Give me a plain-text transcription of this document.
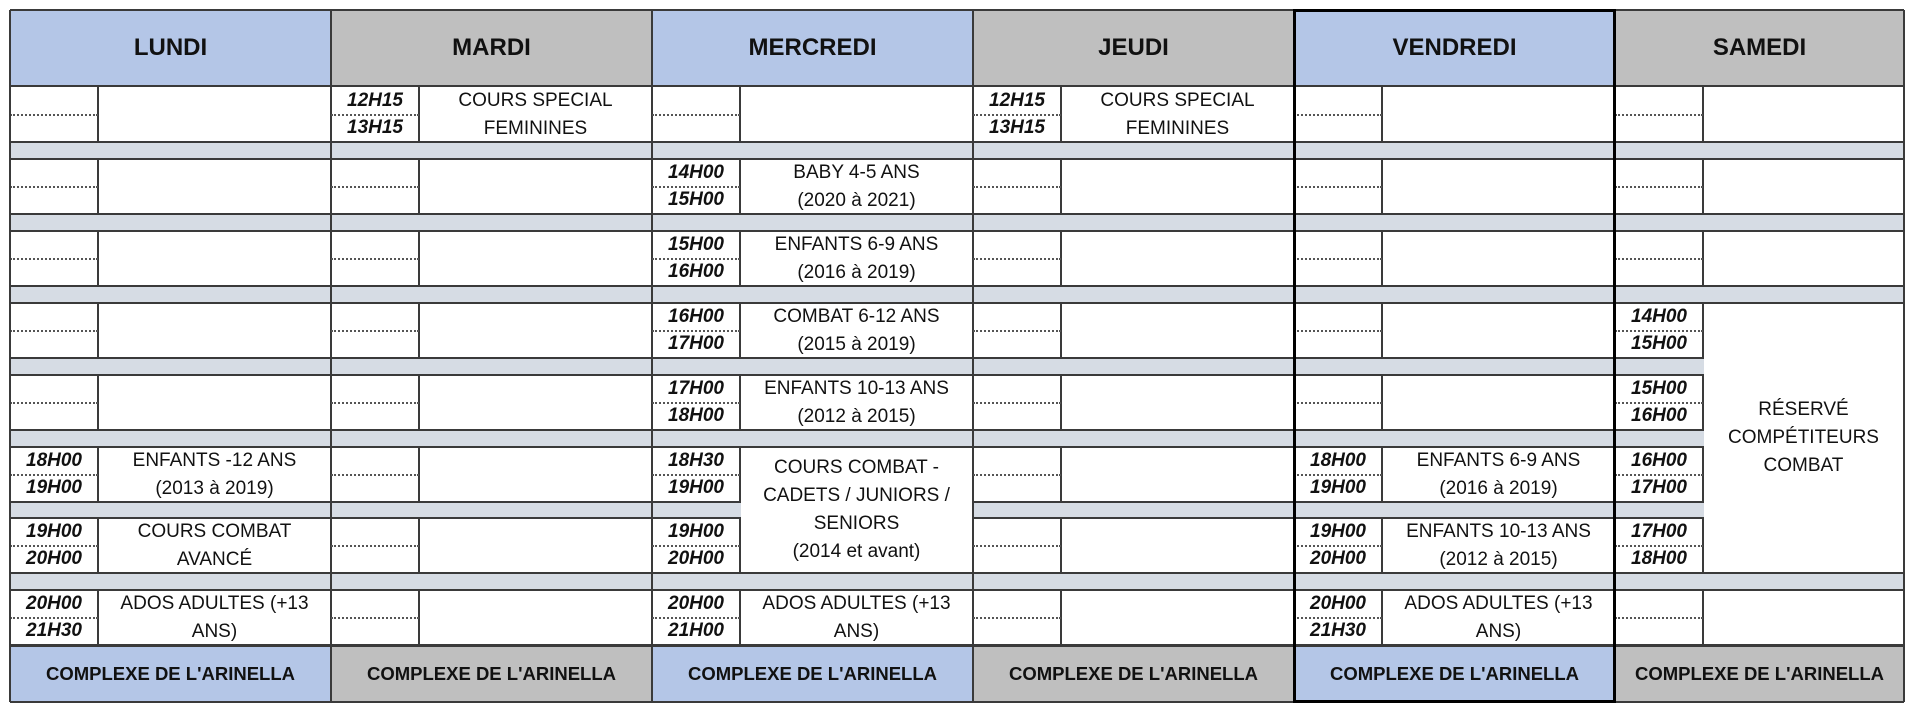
LUNDI
COMPLEXE DE L'ARINELLA
MARDI
COMPLEXE DE L'ARINELLA
MERCREDI
COMPLEXE DE L'ARINELLA
JEUDI
COMPLEXE DE L'ARINELLA
VENDREDI
COMPLEXE DE L'ARINELLA
SAMEDI
COMPLEXE DE L'ARINELLA
12H15
13H15
12H15
13H15
14H00
15H00
15H00
16H00
16H00
17H00
17H00
18H00
18H30
19H00
19H00
20H00
20H00
21H00
18H00
19H00
19H00
20H00
20H00
21H30
18H00
19H00
19H00
20H00
20H00
21H30
14H00
15H00
15H00
16H00
16H00
17H00
17H00
18H00
COURS SPECIAL
FEMININES
COURS SPECIAL
FEMININES
BABY 4-5 ANS
(2020 à 2021)
ENFANTS 6-9 ANS
(2016 à 2019)
COMBAT 6-12 ANS
(2015 à 2019)
ENFANTS 10-13 ANS
(2012 à 2015)
COURS COMBAT -
CADETS / JUNIORS /
SENIORS
(2014 et avant)
ADOS ADULTES (+13
ANS)
ENFANTS -12 ANS
(2013 à 2019)
COURS COMBAT
AVANCÉ
ADOS ADULTES (+13
ANS)
ENFANTS 6-9 ANS
(2016 à 2019)
ENFANTS 10-13 ANS
(2012 à 2015)
ADOS ADULTES (+13
ANS)
RÉSERVÉ
COMPÉTITEURS
COMBAT
